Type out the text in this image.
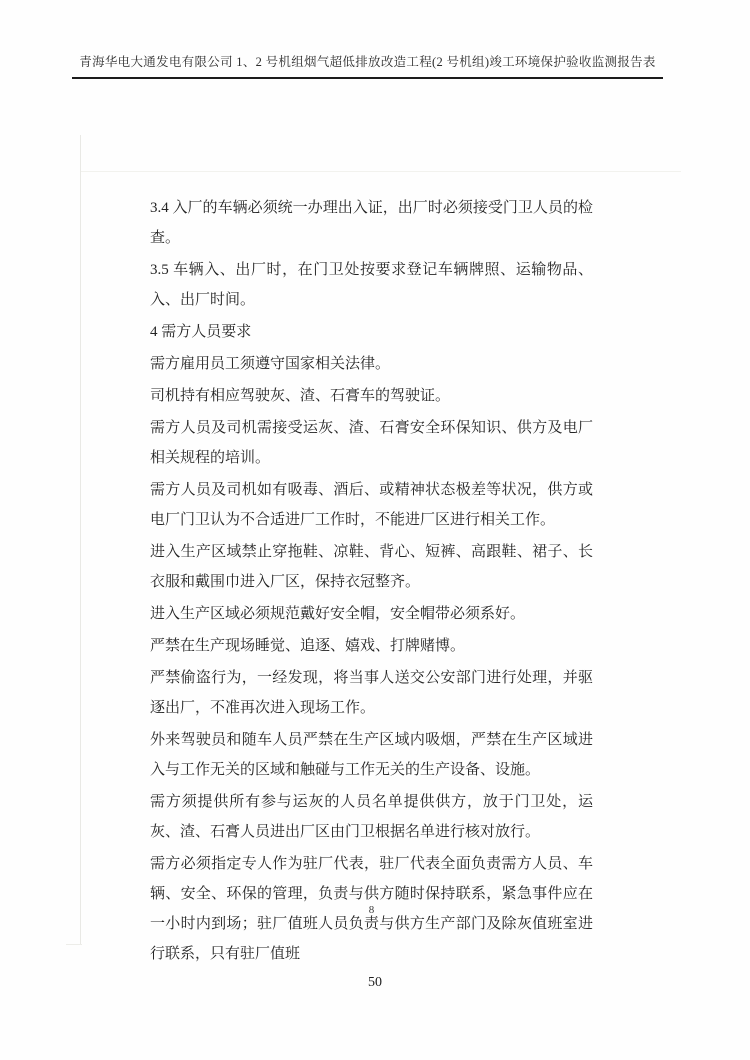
青海华电大通发电有限公司 1、2 号机组烟气超低排放改造工程(2 号机组)竣工环境保护验收监测报告表

3.4 入厂的车辆必须统一办理出入证，出厂时必须接受门卫人员的检查。

3.5 车辆入、出厂时，在门卫处按要求登记车辆牌照、运输物品、入、出厂时间。

4 需方人员要求

需方雇用员工须遵守国家相关法律。

司机持有相应驾驶灰、渣、石膏车的驾驶证。

需方人员及司机需接受运灰、渣、石膏安全环保知识、供方及电厂相关规程的培训。

需方人员及司机如有吸毒、酒后、或精神状态极差等状况，供方或电厂门卫认为不合适进厂工作时，不能进厂区进行相关工作。

进入生产区域禁止穿拖鞋、凉鞋、背心、短裤、高跟鞋、裙子、长衣服和戴围巾进入厂区，保持衣冠整齐。

进入生产区域必须规范戴好安全帽，安全帽带必须系好。

严禁在生产现场睡觉、追逐、嬉戏、打牌赌博。

严禁偷盗行为，一经发现，将当事人送交公安部门进行处理，并驱逐出厂，不准再次进入现场工作。

外来驾驶员和随车人员严禁在生产区域内吸烟，严禁在生产区域进入与工作无关的区域和触碰与工作无关的生产设备、设施。

需方须提供所有参与运灰的人员名单提供供方，放于门卫处，运灰、渣、石膏人员进出厂区由门卫根据名单进行核对放行。

需方必须指定专人作为驻厂代表，驻厂代表全面负责需方人员、车辆、安全、环保的管理，负责与供方随时保持联系，紧急事件应在一小时内到场；驻厂值班人员负责与供方生产部门及除灰值班室进行联系，只有驻厂值班

8
50
